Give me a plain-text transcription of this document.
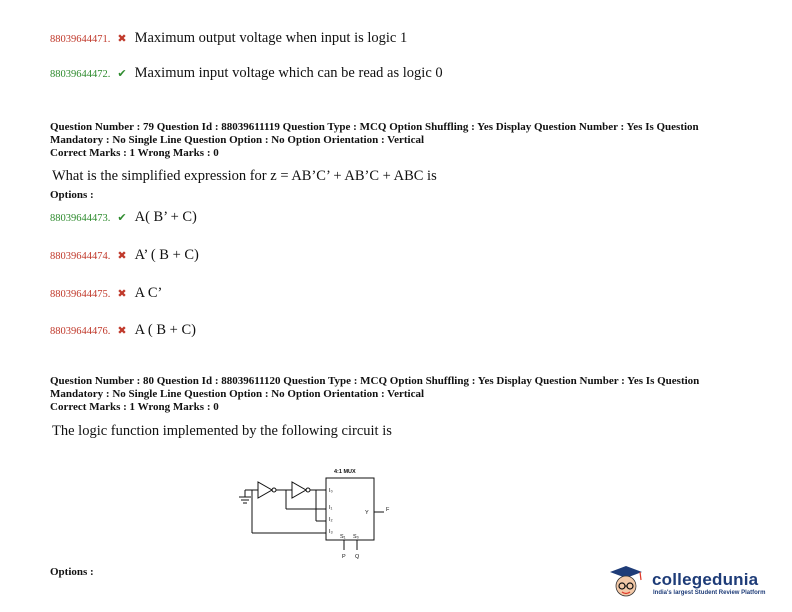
88039644471. ✖ Maximum output voltage when input is logic 1
88039644472. ✔ Maximum input voltage which can be read as logic 0
Question Number : 79 Question Id : 88039611119 Question Type : MCQ Option Shuffling : Yes Display Question Number : Yes Is Question
Mandatory : No Single Line Question Option : No Option Orientation : Vertical
Correct Marks : 1 Wrong Marks : 0
What is the simplified expression for z = AB’C’ + AB’C + ABC is
Options :
88039644473. ✔ A( B’ + C)
88039644474. ✖ A’ ( B + C)
88039644475. ✖ A C’
88039644476. ✖ A ( B + C)
Question Number : 80 Question Id : 88039611120 Question Type : MCQ Option Shuffling : Yes Display Question Number : Yes Is Question
Mandatory : No Single Line Question Option : No Option Orientation : Vertical
Correct Marks : 1 Wrong Marks : 0
The logic function implemented by the following circuit is
4:1 MUX
I₀
I₁
I₂
I₃
Y	F
S₁ S₀
P Q
Options :	collegedunia
India's largest Student Review Platform
